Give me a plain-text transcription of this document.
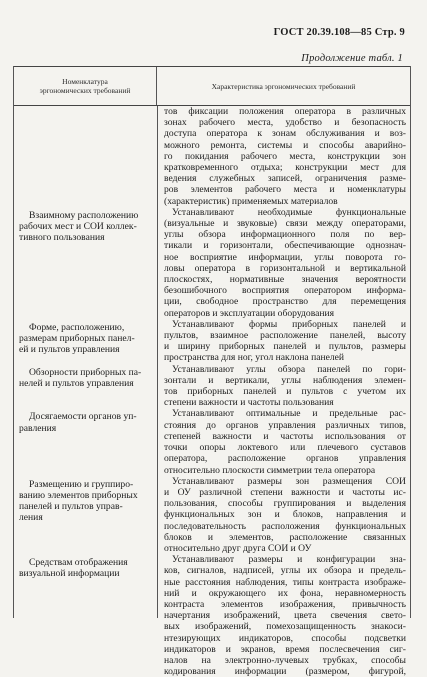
ГОСТ 20.39.108—85 Стр. 9
Продолжение табл. 1
Номенклатура
эргономических требований	Характеристика эргономических требований
Взаимному расположению
рабочих мест и СОИ коллек-
тивного пользования
Форме, расположению,
размерам приборных панел-
ей и пультов управления
Обзорности приборных па-
нелей и пультов управления
Досягаемости органов уп-
равления
Размещению и группиро-
ванию элементов приборных
панелей и пультов управ-
ления
Средствам отображения
визуальной информации
тов фиксации положения оператора в различных
зонах рабочего места, удобство и безопасность
доступа оператора к зонам обслуживания и воз-
можного ремонта, системы и способы аварийно-
го покидания рабочего места, конструкции зон
кратковременного отдыха; конструкции мест для
ведения служебных записей, ограничения разме-
ров элементов рабочего места и номенклатуры
(характеристик) применяемых материалов
Устанавливают необходимые функциональные
(визуальные и звуковые) связи между операторами,
углы обзора информационного поля по вер-
тикали и горизонтали, обеспечивающие однознач-
ное восприятие информации, углы поворота го-
ловы оператора в горизонтальной и вертикальной
плоскостях, нормативные значения вероятности
безошибочного восприятия оператором информа-
ции, свободное пространство для перемещения
операторов и эксплуатации оборудования
Устанавливают формы приборных панелей и
пультов, взаимное расположение панелей, высоту
и ширину приборных панелей и пультов, размеры
пространства для ног, угол наклона панелей
Устанавливают углы обзора панелей по гори-
зонтали и вертикали, углы наблюдения элемен-
тов приборных панелей и пультов с учетом их
степени важности и частоты пользования
Устанавливают оптимальные и предельные рас-
стояния до органов управления различных типов,
степеней важности и частоты использования от
точки опоры локтевого или плечевого суставов
оператора, расположение органов управления
относительно плоскости симметрии тела оператора
Устанавливают размеры зон размещения СОИ
и ОУ различной степени важности и частоты ис-
пользования, способы группирования и выделения
функциональных зон и блоков, направления и
последовательность расположения функциональных
блоков и элементов, расположение связанных
относительно друг друга СОИ и ОУ
Устанавливают размеры и конфигурации зна-
ков, сигналов, надписей, углы их обзора и предель-
ные расстояния наблюдения, типы контраста изображе-
ний и окружающего их фона, неравномерность
контраста элементов изображения, привычность
начертания изображений, цвета свечения свето-
вых изображений, помехозащищенность знакоси-
нтезирующих индикаторов, способы подсветки
индикаторов и экранов, время послесвечения сиг-
налов на электронно-лучевых трубках, способы
кодирования информации (размером, фигурой,
